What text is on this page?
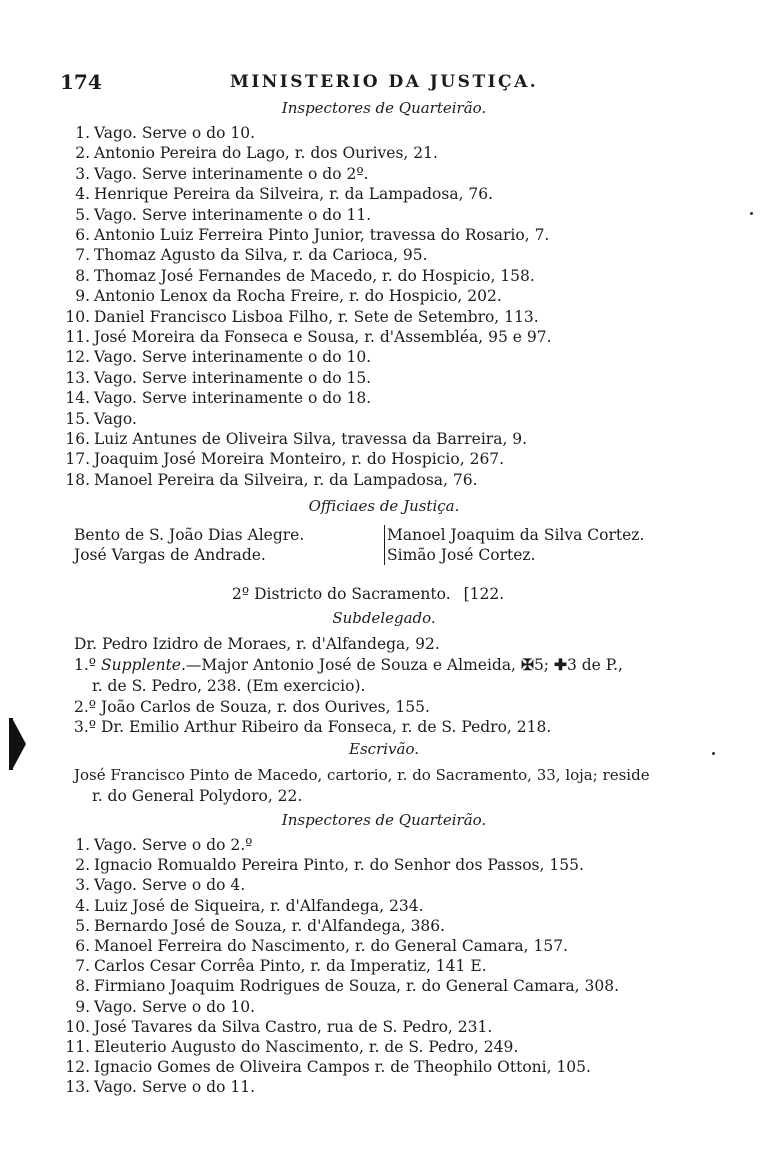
174	MINISTERIO DA JUSTIÇA.
Inspectores de Quarteirão.
1. Vago. Serve o do 10.
2. Antonio Pereira do Lago, r. dos Ourives, 21.
3. Vago. Serve interinamente o do 2º.
4. Henrique Pereira da Silveira, r. da Lampadosa, 76.
5. Vago. Serve interinamente o do 11.
6. Antonio Luiz Ferreira Pinto Junior, travessa do Rosario, 7.
7. Thomaz Agusto da Silva, r. da Carioca, 95.
8. Thomaz José Fernandes de Macedo, r. do Hospicio, 158.
9. Antonio Lenox da Rocha Freire, r. do Hospicio, 202.
10. Daniel Francisco Lisboa Filho, r. Sete de Setembro, 113.
11. José Moreira da Fonseca e Sousa, r. d'Assembléa, 95 e 97.
12. Vago. Serve interinamente o do 10.
13. Vago. Serve interinamente o do 15.
14. Vago. Serve interinamente o do 18.
15. Vago.
16. Luiz Antunes de Oliveira Silva, travessa da Barreira, 9.
17. Joaquim José Moreira Monteiro, r. do Hospicio, 267.
18. Manoel Pereira da Silveira, r. da Lampadosa, 76.
Officiaes de Justiça.
Bento de S. João Dias Alegre.
José Vargas de Andrade.
Manoel Joaquim da Silva Cortez.
Simão José Cortez.
2º Districto do Sacramento. [122.
Subdelegado.
Dr. Pedro Izidro de Moraes, r. d'Alfandega, 92.
1.º Supplente.—Major Antonio José de Souza e Almeida, ✠5; ✚3 de P.,
r. de S. Pedro, 238. (Em exercicio).
2.º João Carlos de Souza, r. dos Ourives, 155.
3.º Dr. Emilio Arthur Ribeiro da Fonseca, r. de S. Pedro, 218.
Escrivão.
José Francisco Pinto de Macedo, cartorio, r. do Sacramento, 33, loja; reside
r. do General Polydoro, 22.
Inspectores de Quarteirão.
1. Vago. Serve o do 2.º
2. Ignacio Romualdo Pereira Pinto, r. do Senhor dos Passos, 155.
3. Vago. Serve o do 4.
4. Luiz José de Siqueira, r. d'Alfandega, 234.
5. Bernardo José de Souza, r. d'Alfandega, 386.
6. Manoel Ferreira do Nascimento, r. do General Camara, 157.
7. Carlos Cesar Corrêa Pinto, r. da Imperatiz, 141 E.
8. Firmiano Joaquim Rodrigues de Souza, r. do General Camara, 308.
9. Vago. Serve o do 10.
10. José Tavares da Silva Castro, rua de S. Pedro, 231.
11. Eleuterio Augusto do Nascimento, r. de S. Pedro, 249.
12. Ignacio Gomes de Oliveira Campos r. de Theophilo Ottoni, 105.
13. Vago. Serve o do 11.
